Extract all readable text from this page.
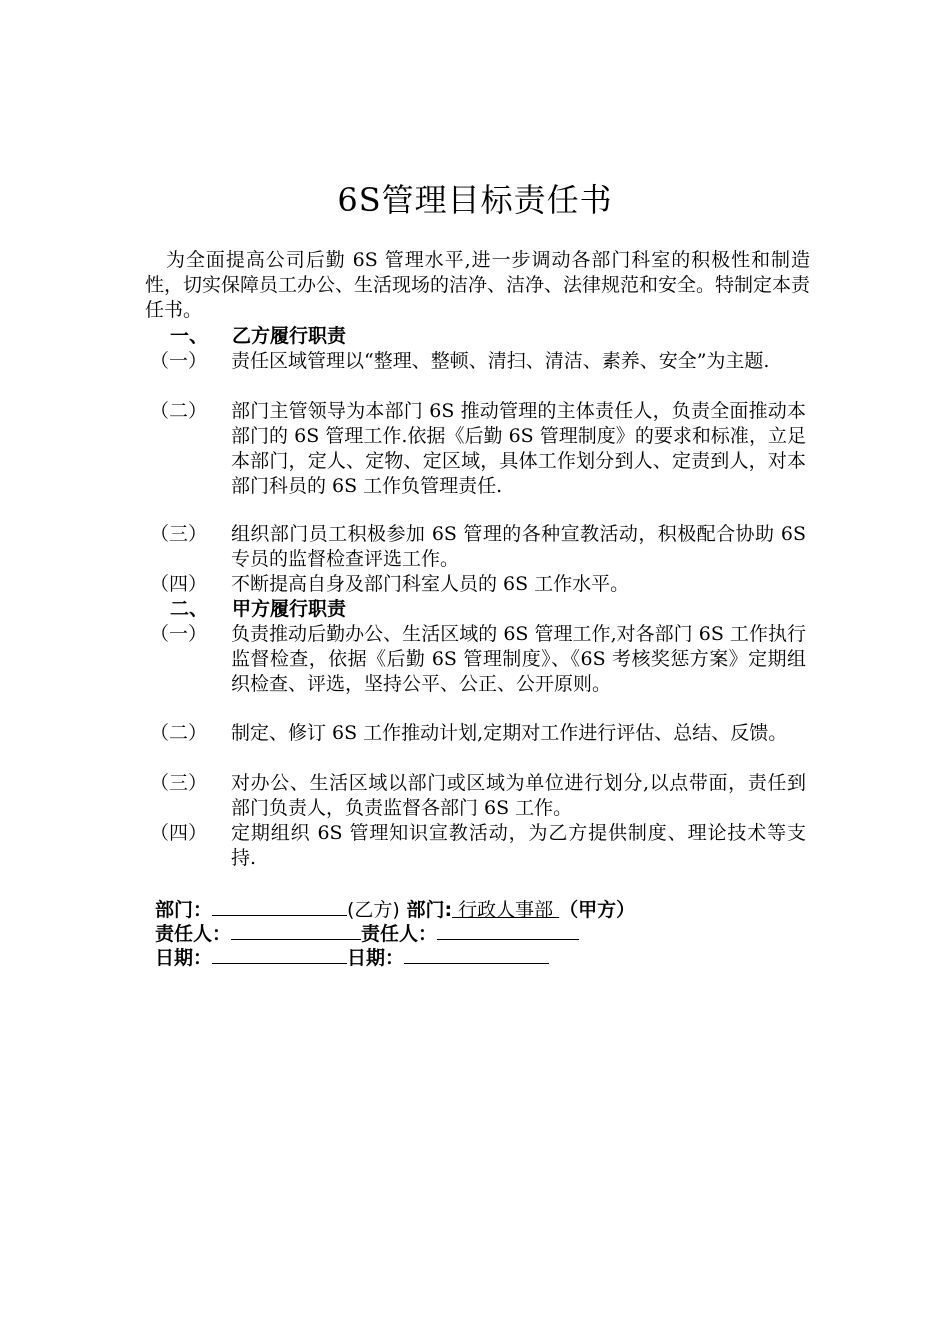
6S管理目标责任书
为全面提高公司后勤 6S 管理水平,进一步调动各部门科室的积极性和制造性，切实保障员工办公、生活现场的洁净、洁净、法律规范和安全。特制定本责任书。
一、 乙方履行职责
（一）	责任区域管理以“整理、整顿、清扫、清洁、素养、安全”为主题.
（二）	部门主管领导为本部门 6S 推动管理的主体责任人，负责全面推动本部门的 6S 管理工作.依据《后勤 6S 管理制度》的要求和标准，立足本部门，定人、定物、定区域，具体工作划分到人、定责到人，对本部门科员的 6S 工作负管理责任.
（三）	组织部门员工积极参加 6S 管理的各种宣教活动，积极配合协助 6S 专员的监督检查评选工作。
（四）	不断提高自身及部门科室人员的 6S 工作水平。
二、 甲方履行职责
（一）	负责推动后勤办公、生活区域的 6S 管理工作,对各部门 6S 工作执行监督检查，依据《后勤 6S 管理制度》、《6S 考核奖惩方案》定期组织检查、评选，坚持公平、公正、公开原则。
（二）	制定、修订 6S 工作推动计划,定期对工作进行评估、总结、反馈。
（三）	对办公、生活区域以部门或区域为单位进行划分,以点带面，责任到部门负责人，负责监督各部门 6S 工作。
（四）	定期组织 6S 管理知识宣教活动，为乙方提供制度、理论技术等支持.
部门：	(乙方) 部门: 行政人事部 （甲方）
责任人：	责任人：
日期：	日期：
